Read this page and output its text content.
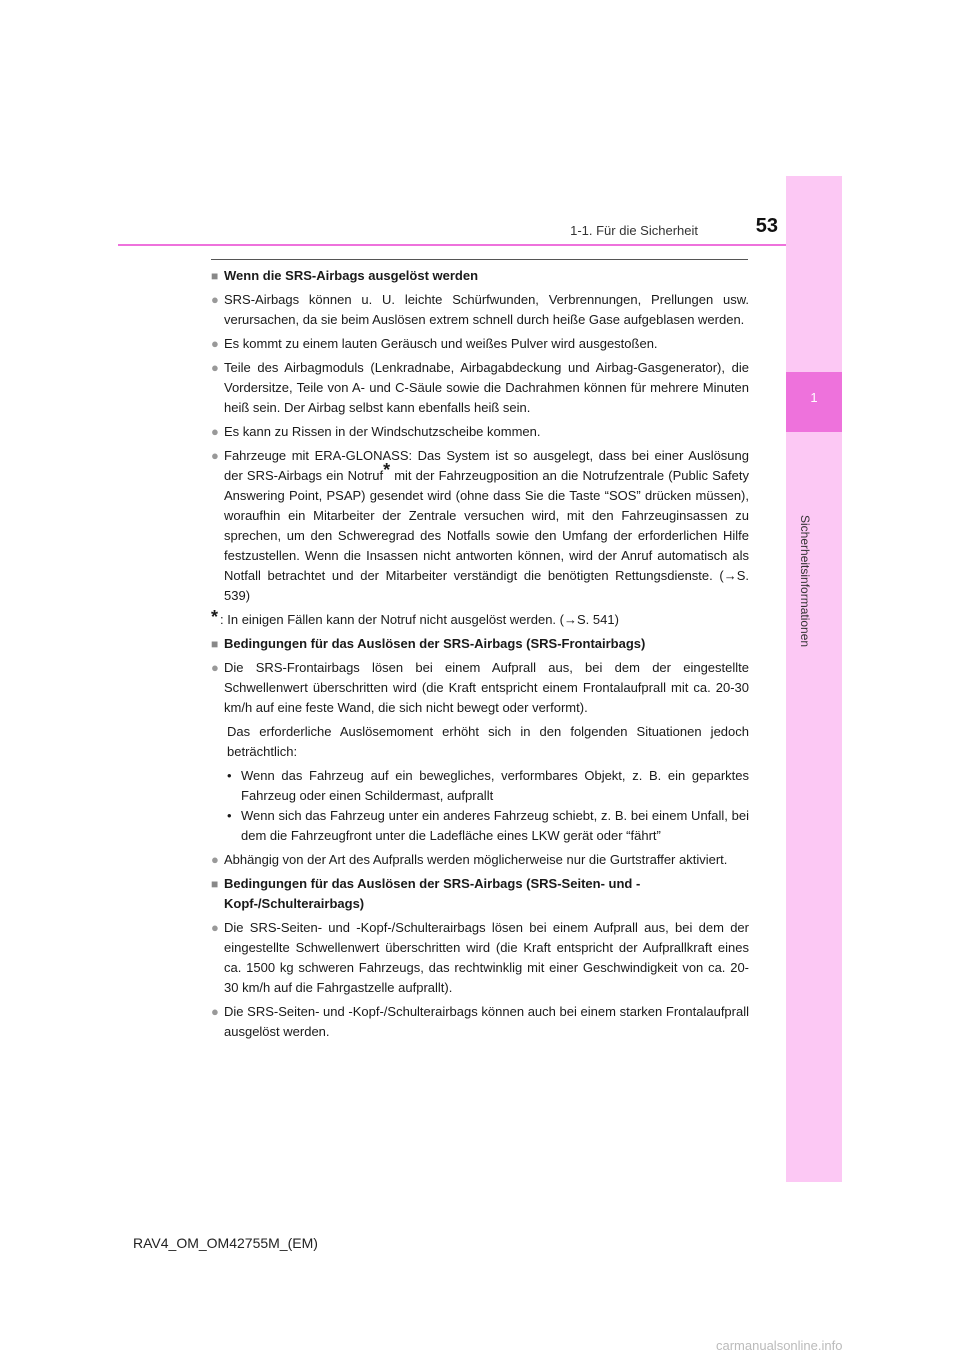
1
Sicherheitsinformationen
1-1. Für die Sicherheit	53
■ Wenn die SRS-Airbags ausgelöst werden
● SRS-Airbags können u. U. leichte Schürfwunden, Verbrennungen, Prellungen usw. verursachen, da sie beim Auslösen extrem schnell durch heiße Gase aufgeblasen werden.
● Es kommt zu einem lauten Geräusch und weißes Pulver wird ausgestoßen.
● Teile des Airbagmoduls (Lenkradnabe, Airbagabdeckung und Airbag-Gasgenerator), die Vordersitze, Teile von A- und C-Säule sowie die Dachrahmen können für mehrere Minuten heiß sein. Der Airbag selbst kann ebenfalls heiß sein.
● Es kann zu Rissen in der Windschutzscheibe kommen.
● Fahrzeuge mit ERA-GLONASS: Das System ist so ausgelegt, dass bei einer Auslösung der SRS-Airbags ein Notruf* mit der Fahrzeugposition an die Notrufzentrale (Public Safety Answering Point, PSAP) gesendet wird (ohne dass Sie die Taste “SOS” drücken müssen), woraufhin ein Mitarbeiter der Zentrale versuchen wird, mit den Fahrzeuginsassen zu sprechen, um den Schweregrad des Notfalls sowie den Umfang der erforderlichen Hilfe festzustellen. Wenn die Insassen nicht antworten können, wird der Anruf automatisch als Notfall betrachtet und der Mitarbeiter verständigt die benötigten Rettungsdienste. (→S. 539)
* : In einigen Fällen kann der Notruf nicht ausgelöst werden. (→S. 541)
■ Bedingungen für das Auslösen der SRS-Airbags (SRS-Frontairbags)
● Die SRS-Frontairbags lösen bei einem Aufprall aus, bei dem der eingestellte Schwellenwert überschritten wird (die Kraft entspricht einem Frontalaufprall mit ca. 20-30 km/h auf eine feste Wand, die sich nicht bewegt oder verformt).
Das erforderliche Auslösemoment erhöht sich in den folgenden Situationen jedoch beträchtlich:
• Wenn das Fahrzeug auf ein bewegliches, verformbares Objekt, z. B. ein geparktes Fahrzeug oder einen Schildermast, aufprallt
• Wenn sich das Fahrzeug unter ein anderes Fahrzeug schiebt, z. B. bei einem Unfall, bei dem die Fahrzeugfront unter die Ladefläche eines LKW gerät oder “fährt”
● Abhängig von der Art des Aufpralls werden möglicherweise nur die Gurtstraffer aktiviert.
■ Bedingungen für das Auslösen der SRS-Airbags (SRS-Seiten- und -Kopf-/Schulterairbags)
● Die SRS-Seiten- und -Kopf-/Schulterairbags lösen bei einem Aufprall aus, bei dem der eingestellte Schwellenwert überschritten wird (die Kraft entspricht der Aufprallkraft eines ca. 1500 kg schweren Fahrzeugs, das rechtwinklig mit einer Geschwindigkeit von ca. 20-30 km/h auf die Fahrgastzelle aufprallt).
● Die SRS-Seiten- und -Kopf-/Schulterairbags können auch bei einem starken Frontalaufprall ausgelöst werden.
RAV4_OM_OM42755M_(EM)
carmanualsonline.info
